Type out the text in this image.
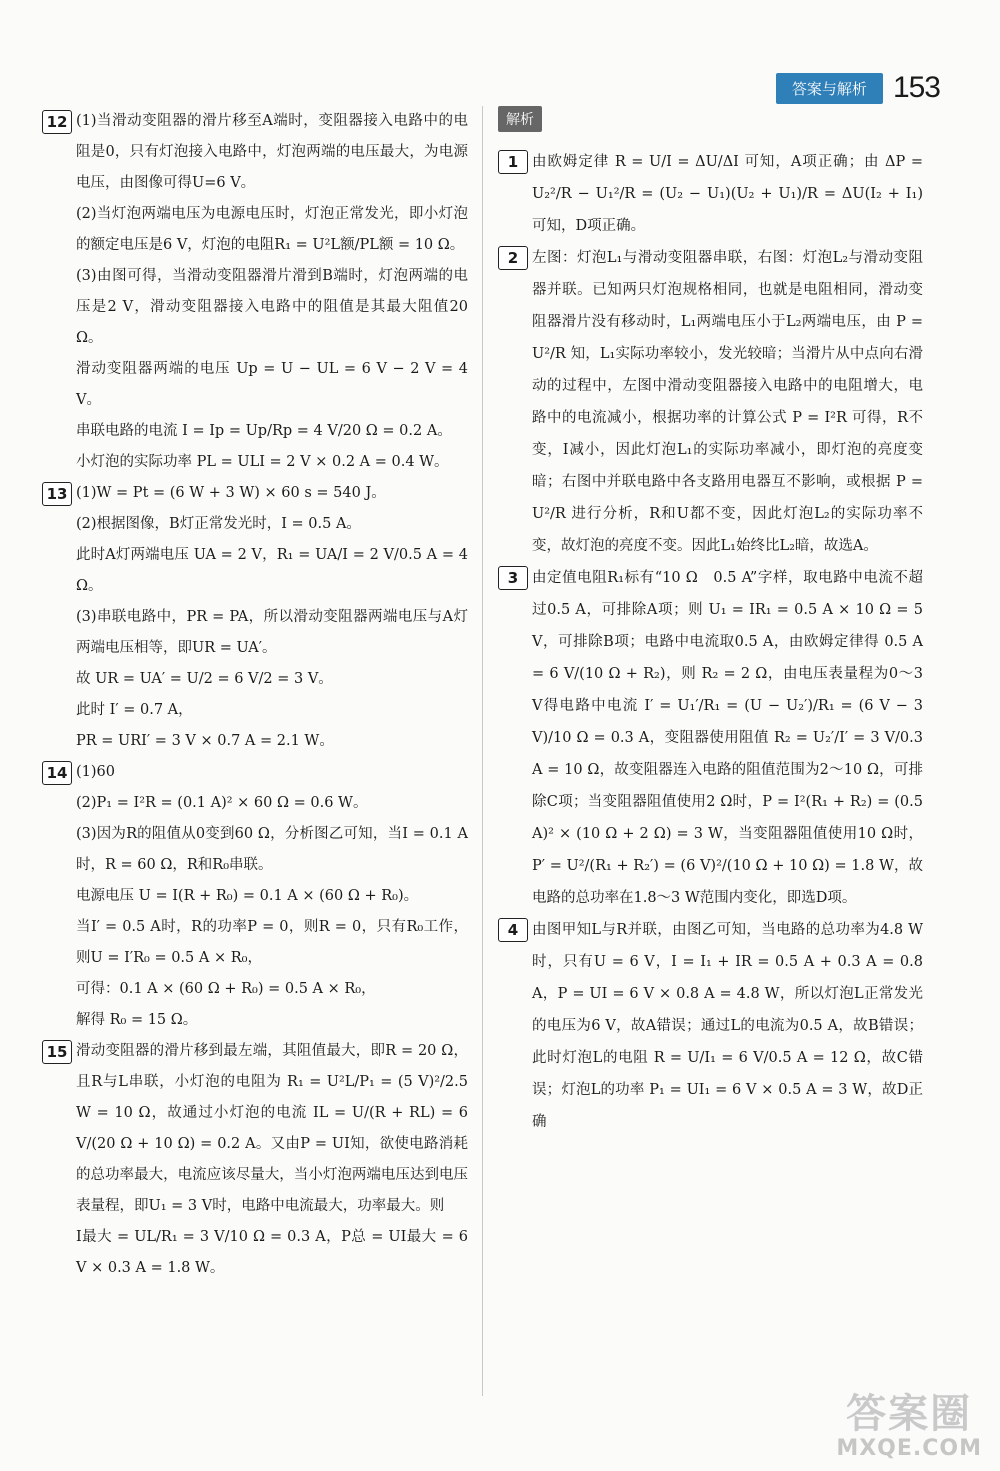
答案与解析 153
12 (1)当滑动变阻器的滑片移至A端时，变阻器接入电路中的电阻是0，只有灯泡接入电路中，灯泡两端的电压最大，为电源电压，由图像可得U=6 V。

(2)当灯泡两端电压为电源电压时，灯泡正常发光，即小灯泡的额定电压是6 V，灯泡的电阻R₁ = U²L额/PL额 = 10 Ω。

(3)由图可得，当滑动变阻器滑片滑到B端时，灯泡两端的电压是2 V，滑动变阻器接入电路中的阻值是其最大阻值20 Ω。

滑动变阻器两端的电压 Up = U − UL = 6 V − 2 V = 4 V。

串联电路的电流 I = Ip = Up/Rp = 4 V/20 Ω = 0.2 A。

小灯泡的实际功率 PL = ULI = 2 V × 0.2 A = 0.4 W。

13 (1)W = Pt = (6 W + 3 W) × 60 s = 540 J。

(2)根据图像，B灯正常发光时，I = 0.5 A。

此时A灯两端电压 UA = 2 V，R₁ = UA/I = 2 V/0.5 A = 4 Ω。

(3)串联电路中，PR = PA，所以滑动变阻器两端电压与A灯两端电压相等，即UR = UA′。

故 UR = UA′ = U/2 = 6 V/2 = 3 V。

此时 I′ = 0.7 A，

PR = URI′ = 3 V × 0.7 A = 2.1 W。

14 (1)60

(2)P₁ = I²R = (0.1 A)² × 60 Ω = 0.6 W。

(3)因为R的阻值从0变到60 Ω，分析图乙可知，当I = 0.1 A时，R = 60 Ω，R和R₀串联。

电源电压 U = I(R + R₀) = 0.1 A × (60 Ω + R₀)。

当I′ = 0.5 A时，R的功率P = 0，则R = 0，只有R₀工作，则U = I′R₀ = 0.5 A × R₀，

可得：0.1 A × (60 Ω + R₀) = 0.5 A × R₀，

解得 R₀ = 15 Ω。

15 滑动变阻器的滑片移到最左端，其阻值最大，即R = 20 Ω，且R与L串联，小灯泡的电阻为 R₁ = U²L/P₁ = (5 V)²/2.5 W = 10 Ω，故通过小灯泡的电流 IL = U/(R + RL) = 6 V/(20 Ω + 10 Ω) = 0.2 A。又由P = UI知，欲使电路消耗的总功率最大，电流应该尽量大，当小灯泡两端电压达到电压表量程，即U₁ = 3 V时，电路中电流最大，功率最大。则

I最大 = UL/R₁ = 3 V/10 Ω = 0.3 A，P总 = UI最大 = 6 V × 0.3 A = 1.8 W。

解析
1 由欧姆定律 R = U/I = ΔU/ΔI 可知，A项正确；由 ΔP = U₂²/R − U₁²/R = (U₂ − U₁)(U₂ + U₁)/R = ΔU(I₂ + I₁) 可知，D项正确。

2 左图：灯泡L₁与滑动变阻器串联，右图：灯泡L₂与滑动变阻器并联。已知两只灯泡规格相同，也就是电阻相同，滑动变阻器滑片没有移动时，L₁两端电压小于L₂两端电压，由 P = U²/R 知，L₁实际功率较小，发光较暗；当滑片从中点向右滑动的过程中，左图中滑动变阻器接入电路中的电阻增大，电路中的电流减小，根据功率的计算公式 P = I²R 可得，R不变，I减小，因此灯泡L₁的实际功率减小，即灯泡的亮度变暗；右图中并联电路中各支路用电器互不影响，或根据 P = U²/R 进行分析，R和U都不变，因此灯泡L₂的实际功率不变，故灯泡的亮度不变。因此L₁始终比L₂暗，故选A。

3 由定值电阻R₁标有“10 Ω　0.5 A”字样，取电路中电流不超过0.5 A，可排除A项；则 U₁ = IR₁ = 0.5 A × 10 Ω = 5 V，可排除B项；电路中电流取0.5 A，由欧姆定律得 0.5 A = 6 V/(10 Ω + R₂)，则 R₂ = 2 Ω，由电压表量程为0～3 V得电路中电流 I′ = U₁′/R₁ = (U − U₂′)/R₁ = (6 V − 3 V)/10 Ω = 0.3 A，变阻器使用阻值 R₂ = U₂′/I′ = 3 V/0.3 A = 10 Ω，故变阻器连入电路的阻值范围为2～10 Ω，可排除C项；当变阻器阻值使用2 Ω时，P = I²(R₁ + R₂) = (0.5 A)² × (10 Ω + 2 Ω) = 3 W，当变阻器阻值使用10 Ω时，P′ = U²/(R₁ + R₂′) = (6 V)²/(10 Ω + 10 Ω) = 1.8 W，故电路的总功率在1.8～3 W范围内变化，即选D项。

4 由图甲知L与R并联，由图乙可知，当电路的总功率为4.8 W时，只有U = 6 V，I = I₁ + IR = 0.5 A + 0.3 A = 0.8 A，P = UI = 6 V × 0.8 A = 4.8 W，所以灯泡L正常发光的电压为6 V，故A错误；通过L的电流为0.5 A，故B错误；此时灯泡L的电阻 R = U/I₁ = 6 V/0.5 A = 12 Ω，故C错误；灯泡L的功率 P₁ = UI₁ = 6 V × 0.5 A = 3 W，故D正确

答案圈
MXQE.COM
